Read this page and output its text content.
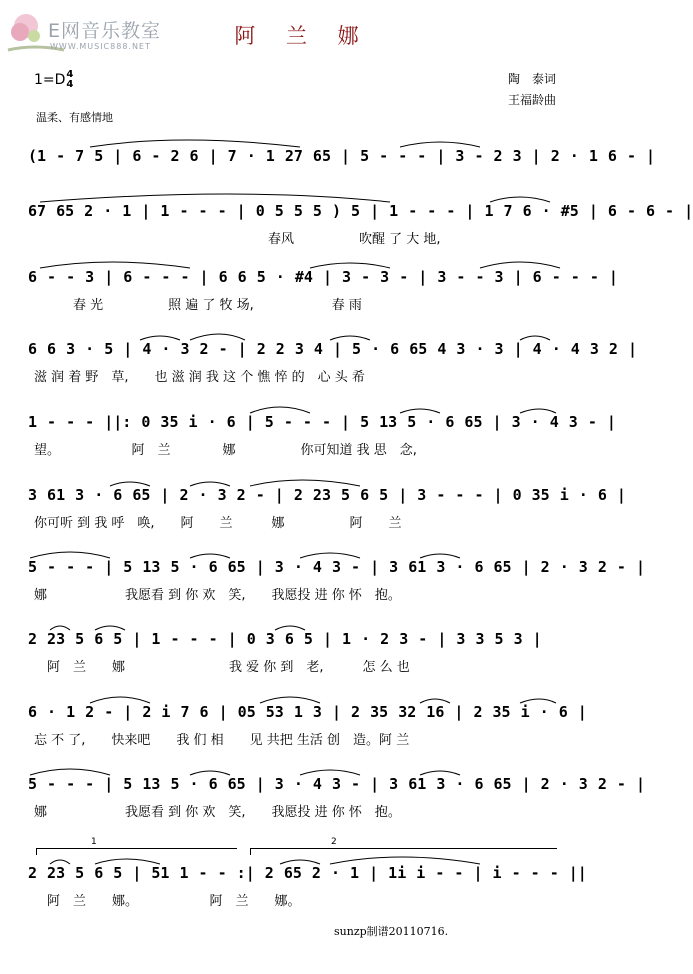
E网音乐教室
WWW.MUSIC888.NET	阿 兰 娜
1=D4
4	陶　泰词
王福龄曲
温柔、有感情地
(1 - 7 5 | 6 - 2 6 | 7 · 1 27 65 | 5 - - - | 3 - 2 3 | 2 · 1 6 - |
67 65 2 · 1 | 1 - - - | 0 5 5 5 ) 5 | 1 - - - | 1 7 6 · #5 | 6 - 6 - |
　　　　　　　　　　　　　　　　　　春风　　　　　吹醒 了 大 地,
6 - - 3 | 6 - - - | 6 6 5 · #4 | 3 - 3 - | 3 - - 3 | 6 - - - |
　　　春 光　　　　　照 遍 了 牧 场,　　　　　　春 雨
6 6 3 · 5 | 4 · 3 2 - | 2 2 3 4 | 5 · 6 65 4 3 · 3 | 4 · 4 3 2 |
滋 润 着 野　草,　　也 滋 润 我 这 个 憔 悴 的　心 头 希
1 - - - ||: 0 35 i · 6 | 5 - - - | 5 13 5 · 6 65 | 3 · 4 3 - |
望。　　　　　　阿　兰　　　　娜　　　　　你可知道 我 思　念,
3 61 3 · 6 65 | 2 · 3 2 - | 2 23 5 6 5 | 3 - - - | 0 35 i · 6 |
你可听 到 我 呼　唤,　　阿　　兰　　　娜　　　　　阿　　兰
5 - - - | 5 13 5 · 6 65 | 3 · 4 3 - | 3 61 3 · 6 65 | 2 · 3 2 - |
娜　　　　　　我愿看 到 你 欢　笑,　　我愿投 进 你 怀　抱。
2 23 5 6 5 | 1 - - - | 0 3 6 5 | 1 · 2 3 - | 3 3 5 3 |
　阿　兰　　娜　　　　　　　　我 爱 你 到　老,　　　怎 么 也
6 · 1 2 - | 2 i 7 6 | 05 53 1 3 | 2 35 32 16 | 2 35 i · 6 |
忘 不 了,　　快来吧　　我 们 相　　见 共把 生活 创　造。阿 兰
5 - - - | 5 13 5 · 6 65 | 3 · 4 3 - | 3 61 3 · 6 65 | 2 · 3 2 - |
娜　　　　　　我愿看 到 你 欢　笑,　　我愿投 进 你 怀　抱。
1	2
2 23 5 6 5 | 51 1 - - :| 2 65 2 · 1 | 1i i - - | i - - - ||
　阿　兰　　娜。　　　　　　阿　兰　　娜。
sunzp制谱20110716.
